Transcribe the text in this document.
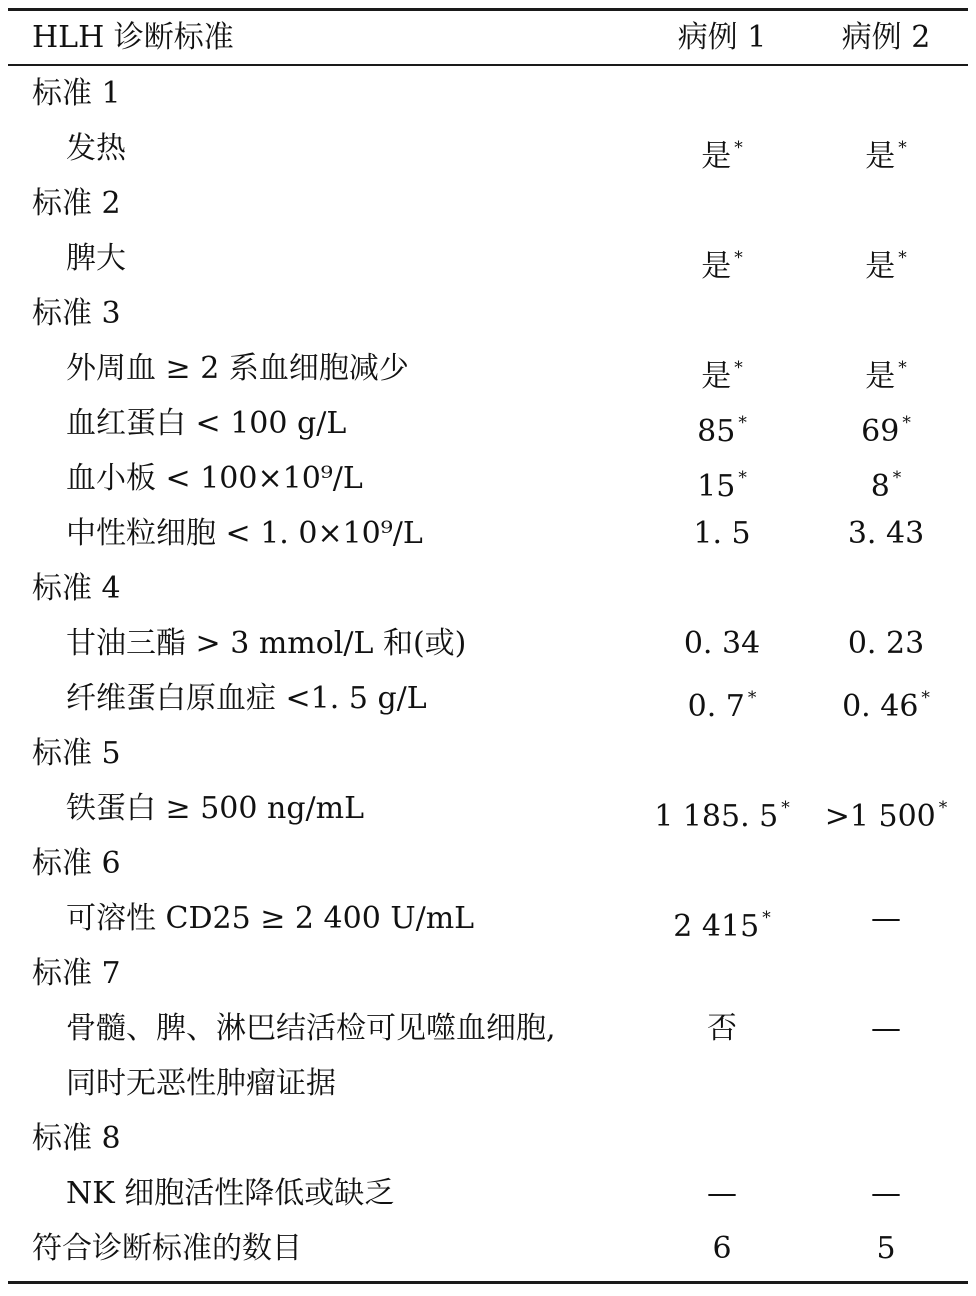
HLH 诊断标准	病例 1	病例 2
标准 1
发热	是 *	是 *
标准 2
脾大	是 *	是 *
标准 3
外周血 ≥ 2 系血细胞减少	是 *	是 *
血红蛋白 < 100 g/L	85 *	69 *
血小板 < 100×10⁹/L	15 *	8 *
中性粒细胞 < 1. 0×10⁹/L	1. 5	3. 43
标准 4
甘油三酯 > 3 mmol/L 和(或)	0. 34	0. 23
纤维蛋白原血症 <1. 5 g/L	0. 7 *	0. 46 *
标准 5
铁蛋白 ≥ 500 ng/mL	1 185. 5 *	>1 500 *
标准 6
可溶性 CD25 ≥ 2 400 U/mL	2 415 *	—
标准 7
骨髓、脾、淋巴结活检可见噬血细胞,	否	—
同时无恶性肿瘤证据
标准 8
NK 细胞活性降低或缺乏	—	—
符合诊断标准的数目	6	5
